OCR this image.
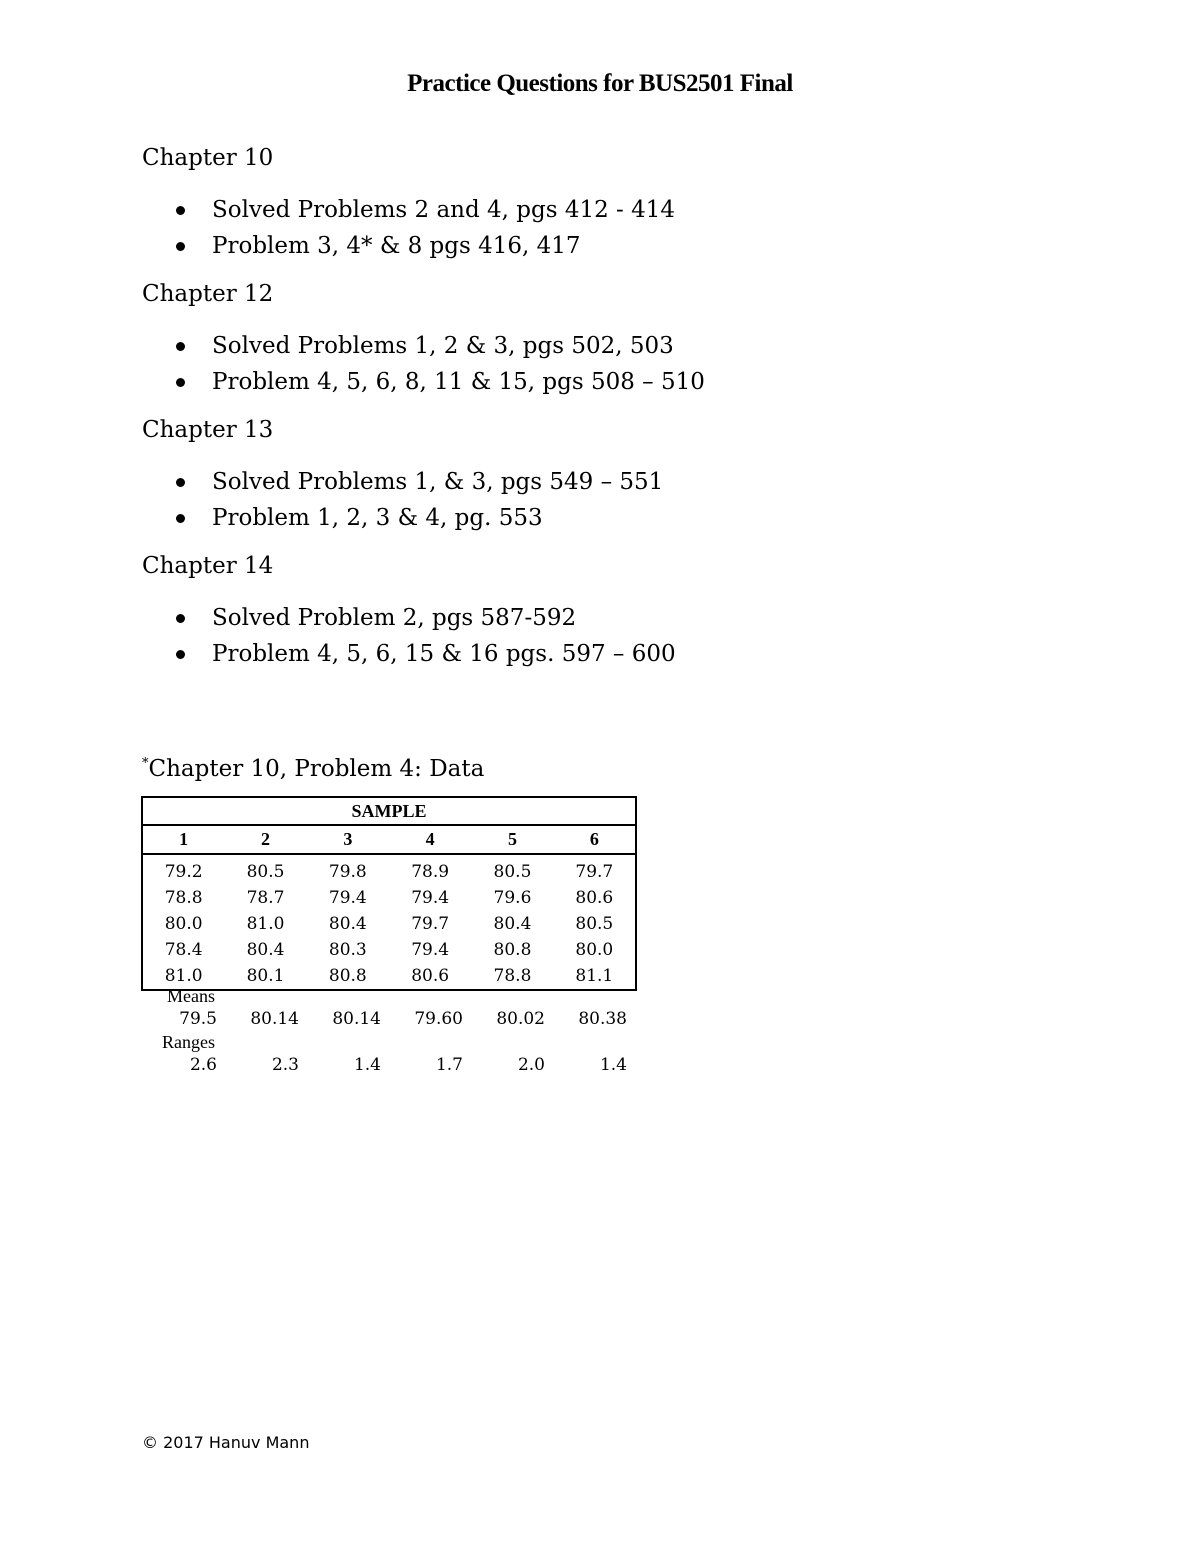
Practice Questions for BUS2501 Final
Chapter 10
Solved Problems 2 and 4, pgs 412 - 414
Problem 3, 4* & 8 pgs 416, 417
Chapter 12
Solved Problems 1, 2 & 3, pgs 502, 503
Problem 4, 5, 6, 8, 11 & 15, pgs 508 – 510
Chapter 13
Solved Problems 1, & 3, pgs 549 – 551
Problem 1, 2, 3 & 4, pg. 553
Chapter 14
Solved Problem 2, pgs 587-592
Problem 4, 5, 6, 15 & 16 pgs. 597 – 600
*Chapter 10, Problem 4: Data
SAMPLE					
1	2	3	4	5	6
79.2	80.5	79.8	78.9	80.5	79.7
78.8	78.7	79.4	79.4	79.6	80.6
80.0	81.0	80.4	79.7	80.4	80.5
78.4	80.4	80.3	79.4	80.8	80.0
81.0	80.1	80.8	80.6	78.8	81.1
Means
79.5	80.14	80.14	79.60	80.02	80.38
Ranges
2.6	2.3	1.4	1.7	2.0	1.4
© 2017 Hanuv Mann
